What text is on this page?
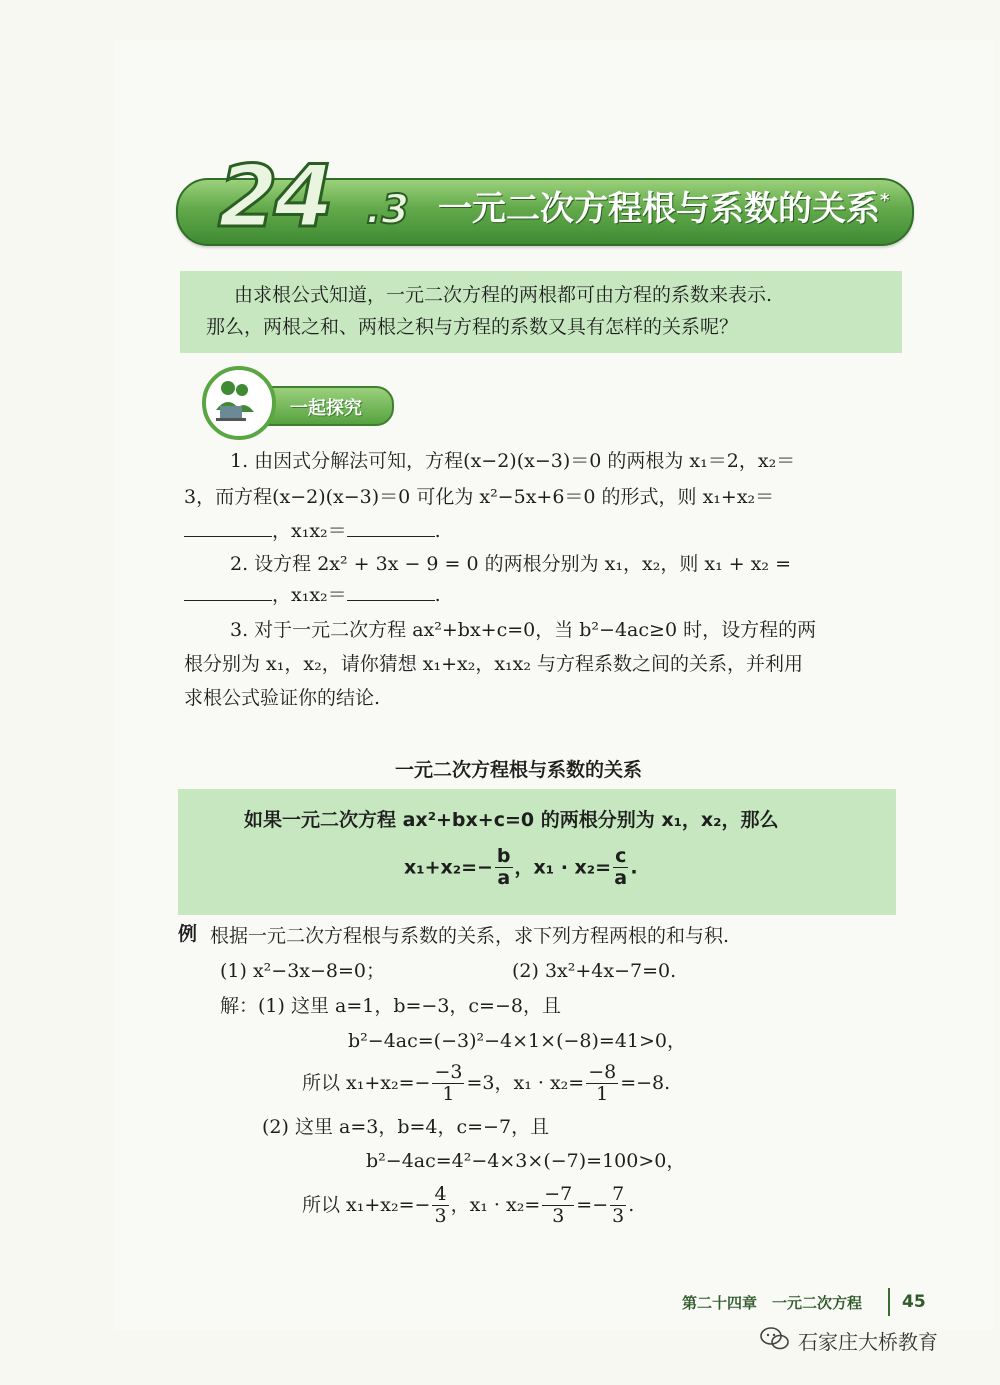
24 .3 一元二次方程根与系数的关系*
由求根公式知道，一元二次方程的两根都可由方程的系数来表示.
那么，两根之和、两根之积与方程的系数又具有怎样的关系呢？
一起探究
1. 由因式分解法可知，方程(x−2)(x−3)＝0 的两根为 x₁＝2，x₂＝
3，而方程(x−2)(x−3)＝0 可化为 x²−5x+6＝0 的形式，则 x₁+x₂＝
，x₁x₂＝	.
2. 设方程 2x² + 3x − 9 = 0 的两根分别为 x₁，x₂，则 x₁ + x₂ =
，x₁x₂＝	.
3. 对于一元二次方程 ax²+bx+c=0，当 b²−4ac≥0 时，设方程的两
根分别为 x₁，x₂，请你猜想 x₁+x₂，x₁x₂ 与方程系数之间的关系，并利用
求根公式验证你的结论.
一元二次方程根与系数的关系
如果一元二次方程 ax²+bx+c=0 的两根分别为 x₁，x₂，那么
$x_1+x_2=- \frac{b}{a}$ ，$x_1 \cdot x_2= \frac{c}{a}$ .
例 根据一元二次方程根与系数的关系，求下列方程两根的和与积.
(1) x²−3x−8=0；	(2) 3x²+4x−7=0.
解：(1) 这里 a=1，b=−3，c=−8，且
b²−4ac=(−3)²−4×1×(−8)=41>0，
所以 $x_1+x_2=- \frac{-3}{1} =3$，$x_1 \cdot x_2= \frac{-8}{1} =-8$.
(2) 这里 a=3，b=4，c=−7，且
b²−4ac=4²−4×3×(−7)=100>0，
所以 $x_1+x_2=- \frac{4}{3}$ ，$x_1 \cdot x_2= \frac{-7}{3} =- \frac{7}{3}$ .
第二十四章　一元二次方程 45
石家庄大桥教育
